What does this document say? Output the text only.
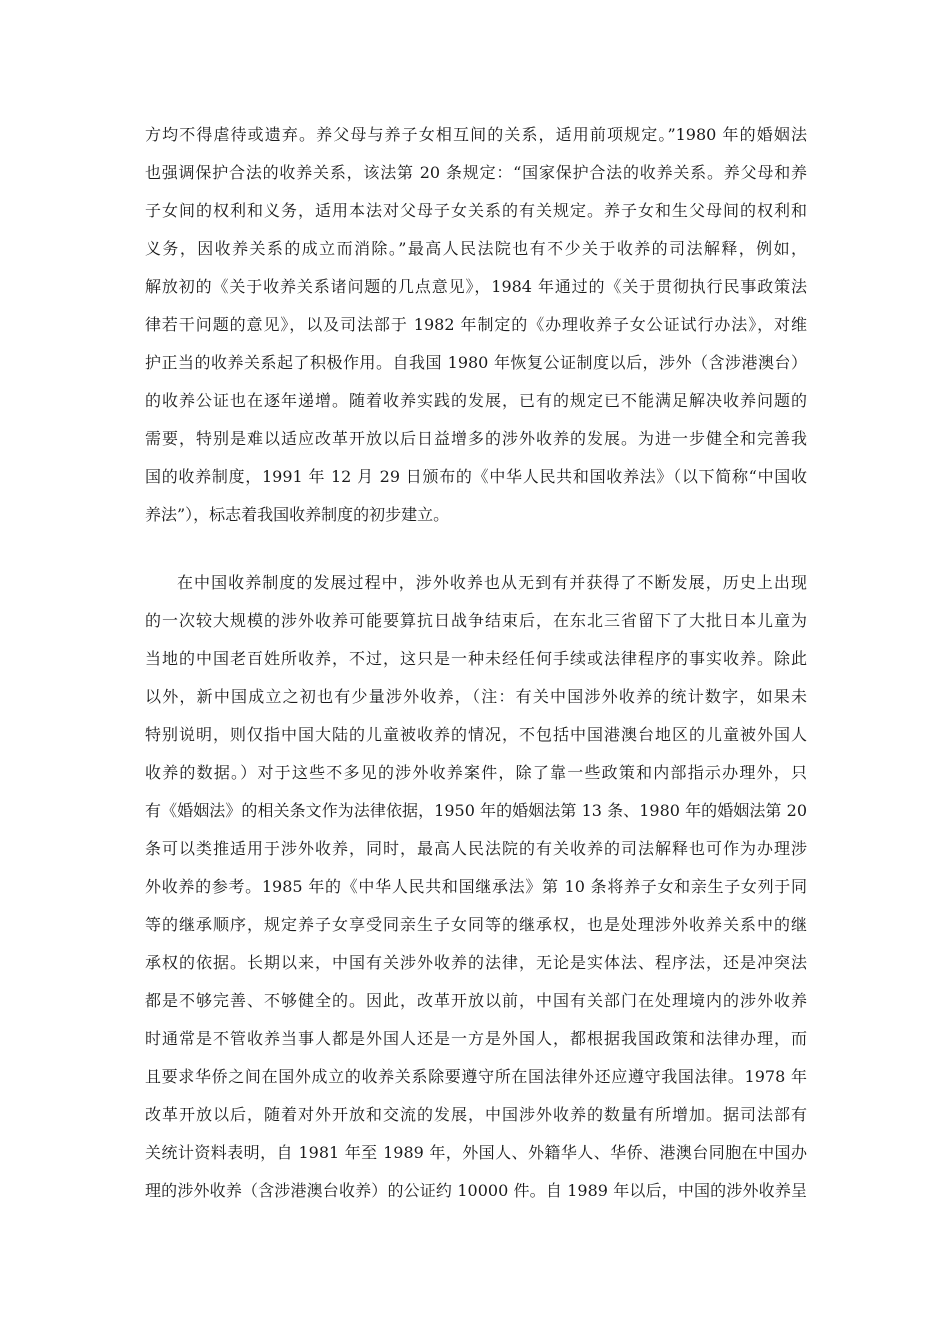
方均不得虐待或遗弃。养父母与养子女相互间的关系，适用前项规定。”1980 年的婚姻法
也强调保护合法的收养关系，该法第 20 条规定：“国家保护合法的收养关系。养父母和养
子女间的权利和义务，适用本法对父母子女关系的有关规定。养子女和生父母间的权利和
义务，因收养关系的成立而消除。”最高人民法院也有不少关于收养的司法解释，例如，
解放初的《关于收养关系诸问题的几点意见》，1984 年通过的《关于贯彻执行民事政策法
律若干问题的意见》，以及司法部于 1982 年制定的《办理收养子女公证试行办法》，对维
护正当的收养关系起了积极作用。自我国 1980 年恢复公证制度以后，涉外（含涉港澳台）
的收养公证也在逐年递增。随着收养实践的发展，已有的规定已不能满足解决收养问题的
需要，特别是难以适应改革开放以后日益增多的涉外收养的发展。为进一步健全和完善我
国的收养制度，1991 年 12 月 29 日颁布的《中华人民共和国收养法》（以下简称“中国收
养法”），标志着我国收养制度的初步建立。
在中国收养制度的发展过程中，涉外收养也从无到有并获得了不断发展，历史上出现
的一次较大规模的涉外收养可能要算抗日战争结束后，在东北三省留下了大批日本儿童为
当地的中国老百姓所收养，不过，这只是一种未经任何手续或法律程序的事实收养。除此
以外，新中国成立之初也有少量涉外收养，（注：有关中国涉外收养的统计数字，如果未
特别说明，则仅指中国大陆的儿童被收养的情况，不包括中国港澳台地区的儿童被外国人
收养的数据。）对于这些不多见的涉外收养案件，除了靠一些政策和内部指示办理外，只
有《婚姻法》的相关条文作为法律依据，1950 年的婚姻法第 13 条、1980 年的婚姻法第 20
条可以类推适用于涉外收养，同时，最高人民法院的有关收养的司法解释也可作为办理涉
外收养的参考。1985 年的《中华人民共和国继承法》第 10 条将养子女和亲生子女列于同
等的继承顺序，规定养子女享受同亲生子女同等的继承权，也是处理涉外收养关系中的继
承权的依据。长期以来，中国有关涉外收养的法律，无论是实体法、程序法，还是冲突法
都是不够完善、不够健全的。因此，改革开放以前，中国有关部门在处理境内的涉外收养
时通常是不管收养当事人都是外国人还是一方是外国人，都根据我国政策和法律办理，而
且要求华侨之间在国外成立的收养关系除要遵守所在国法律外还应遵守我国法律。1978 年
改革开放以后，随着对外开放和交流的发展，中国涉外收养的数量有所增加。据司法部有
关统计资料表明，自 1981 年至 1989 年，外国人、外籍华人、华侨、港澳台同胞在中国办
理的涉外收养（含涉港澳台收养）的公证约 10000 件。自 1989 年以后，中国的涉外收养呈
